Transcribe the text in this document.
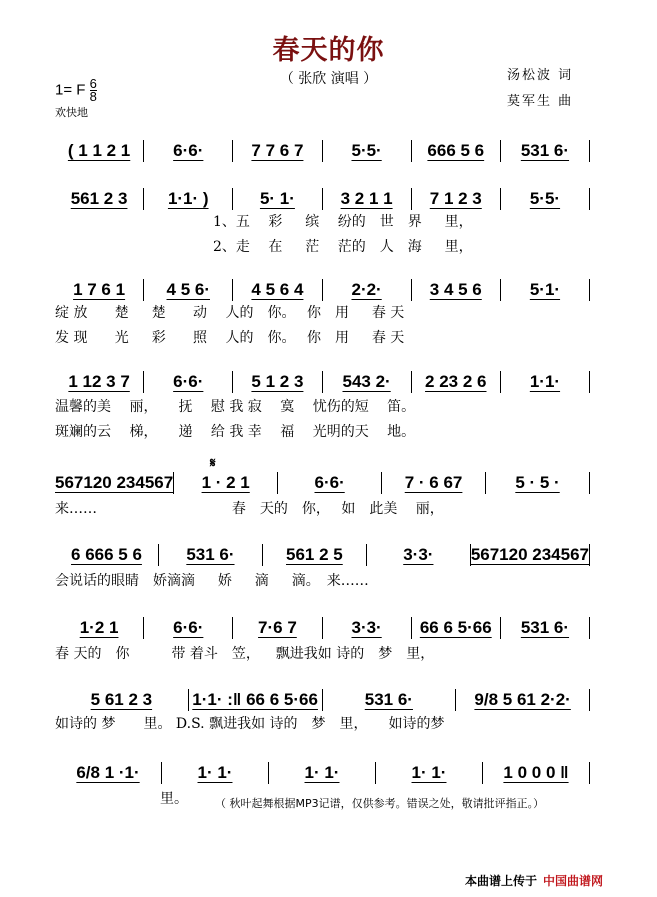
春天的你
（ 张欣 演唱 ）
1= F $\frac{6}{8}$
欢快地
汤松波 词
莫军生 曲
𝄋
( 1 1 2 1	6·6·	7 7 6 7	5·5·	666 5 6	531 6·
561 2 3	1·1· )	5· 1·	3 2 1 1	7 1 2 3	5·5·
1、五　 彩　  缤　 纷的　世　界　  里，
2、走　 在　  茫　 茫的　人　海　  里，
1 7 6 1	4 5 6·	4 5 6 4	2·2·	3 4 5 6	5·1·
绽 放　   楚　  楚　   动　 人的　你。　 你　用　  春 天
发 现　   光　  彩　   照　 人的　你。　 你　用　  春 天
1 12 3 7	6·6·	5 1 2 3	543 2·	2 23 2 6	1·1·
温馨的美　 丽，　　抚　 慰 我 寂　 寞　 忧伤的短　 笛。
斑斓的云　 梯，　　递　 给 我 幸　 福　 光明的天　 地。
567120 234567	1 · 2 1	6·6·	7 · 6 67	5 · 5 ·
来……　　　　　　　　　  春　天的　你，　 如　此美　 丽，
6 666 5 6	531 6·	561 2 5	3·3·	567120 234567
会说话的眼睛　娇滴滴　  娇　  滴　  滴。　来……
1·2 1	6·6·	7·6 7	3·3·	66 6 5·66	531 6·
春 天的　你　　　带 着斗　笠，　  飘进我如 诗的　梦　里，
5 61 2 3	1·1· :‖ 66 6 5·66	531 6·	9/8 5 61 2·2·
如诗的 梦　　里。 D.S. 飘进我如 诗的　梦　里，　　如诗的梦
6/8 1 ·1·	1· 1·	1· 1·	1· 1·	1 0 0 0 ‖
里。 （ 秋叶起舞根据MP3记谱，仅供参考。错误之处，敬请批评指正。）
本曲谱上传于 中国曲谱网
